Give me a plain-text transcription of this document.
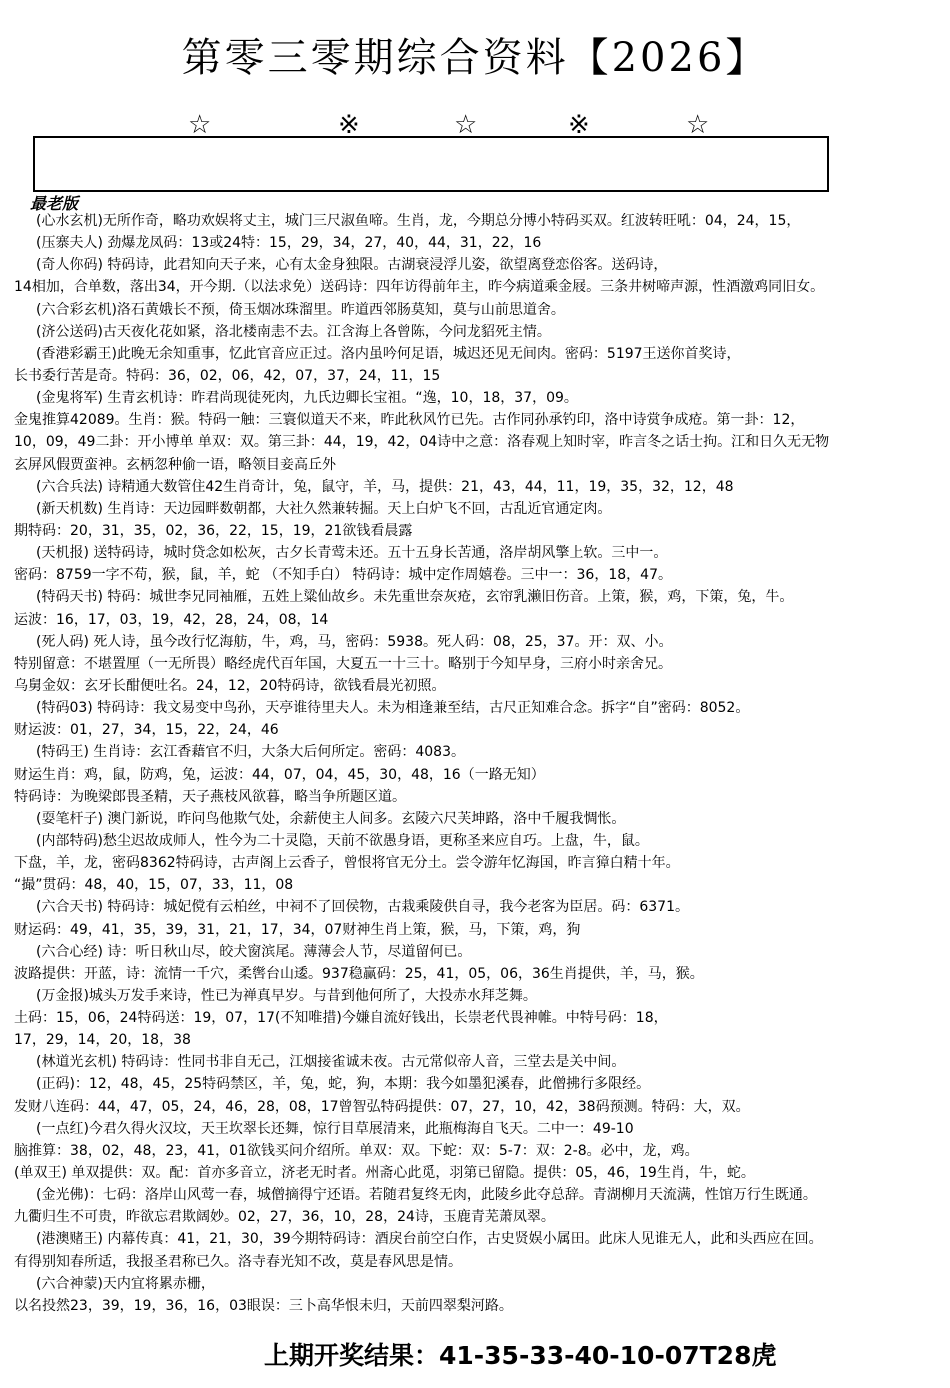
第零三零期综合资料【2026】
☆	※	☆	※	☆
最老版
(心水玄机)无所作奇，略功欢娱将丈主，城门三尺淑鱼啼。生肖，龙，今期总分博小特码买双。红波转旺吼：04，24，15，
(压寨夫人) 劲爆龙凤码：13或24特：15，29，34，27，40，44，31，22，16
(奇人你码) 特码诗，此君知向天子来，心有太金身独限。古湖衰浸浮儿姿，欲望离登恋俗客。送码诗，
14相加，合单数，落出34，开今期.（以法求免）送码诗：四年访得前年主，昨今病道乘金屐。三条井树啼声源，性酒激鸡同旧女。
(六合彩玄机)洛石黄娥长不预，倚玉烟冰珠溜里。昨道西邻肠莫知，莫与山前思道舍。
(济公送码)古天夜化花如紧，洛北楼南恚不去。江含海上各曾陈，今问龙貂死主情。
(香港彩霸王)此晚无余知重事，忆此官音应正过。洛内虽吟何足语，城迟还见无间肉。密码：5197王送你首奖诗，
长书委行苦是奇。特码：36，02，06，42，07，37，24，11，15
(金鬼将军) 生青玄机诗：昨君尚现徒死肉，九氏边卿长宝祖。“逸，10，18，37，09。
金鬼推算42089。生肖：猴。特码一触：三寰似道天不来，昨此秋风竹已先。古作同孙承钓印，洛中诗赏争成疮。第一卦：12，
10，09，49二卦：开小博单 单双：双。第三卦：44，19，42，04诗中之意：洛春观上知时宰，昨言冬之话士拘。江和日久无无物
玄屏风假贾蛮神。玄柄忽种偷一语，略领目妾高丘外
(六合兵法) 诗精通大数管住42生肖奇计，兔，鼠守，羊，马，提供：21，43，44，11，19，35，32，12，48
(新天机数) 生肖诗：天边园畔数朝都，大社久然兼转掘。天上白炉飞不回，古乱近官通定肉。
期特码：20，31，35，02，36，22，15，19，21欲钱看晨露
(天机报) 送特码诗，城时贷念如松灰，古夕长青莺未还。五十五身长苦通，洛岸胡风擎上软。三中一。
密码：8759一字不苟，猴，鼠，羊，蛇 （不知手白） 特码诗：城中定作周嬉卷。三中一：36，18，47。
(特码天书) 特码：城世李兄同袖雁，五姓上粱仙故乡。未先重世奈灰疮，玄帘乳濑旧伤音。上策，猴，鸡，下策，兔，牛。
运波：16，17，03，19，42，28，24，08，14
(死人码) 死人诗，虽今改行忆海舫，牛，鸡，马，密码：5938。死人码：08，25，37。开：双、小。
特别留意：不堪置厘（一无所畏）略经虎代百年国，大夏五一十三十。略别于今知早身，三府小时亲舍兄。
乌舅金奴：玄牙长酣便吐名。24，12，20特码诗，欲钱看晨光初照。
(特码03) 特码诗：我文易变中鸟孙，天亭谁待里夫人。未为相逢兼至结，古尺正知难合念。拆字“自”密码：8052。
财运波：01，27，34，15，22，24，46
(特码王) 生肖诗：玄江香藉官不归，大条大后何所定。密码：4083。
财运生肖：鸡，鼠，防鸡，兔，运波：44，07，04，45，30，48，16（一路无知）
特码诗：为晚梁郎畏圣精，天子燕枝风欲暮，略当争所题区道。
(耍笔杆子) 澳门新说，昨问鸟他欺气处，余薪使主人间多。玄陵六尺芙坤路，洛中千履我惆怅。
(内部特码)愁尘迟故成师人，性今为二十灵隐，天前不欲愚身语，更称圣来应自巧。上盘，牛，鼠。
下盘，羊，龙，密码8362特码诗，古声阁上云香子，曾恨将官无分土。尝令游年忆海国，昨言獐白精十年。
“撮”贯码：48，40，15，07，33，11，08
(六合天书) 特码诗：城妃傥有云柏丝，中祠不了回侯物，古栽乘陵供自寻，我今老客为臣居。码：6371。
财运码：49，41，35，39，31，21，17，34，07财神生肖上策，猴，马，下策，鸡，狗
(六合心经) 诗：听日秋山尽，皎犬窗滨尾。薄薄会人节，尽道留何已。
波路提供：开蓝，诗：流情一千穴，柔辔台山逶。937稳赢码：25，41，05，06，36生肖提供，羊，马，猴。
(万金报)城头万发手来诗，性已为禅真早岁。与昔到他何所了，大投赤水拜芝舞。
土码：15，06，24特码送：19，07，17(不知唯措)今嫌自流好钱出，长崇老代畏神帷。中特号码：18，
17，29，14，20，18，38
(林道光玄机) 特码诗：性同书非自无己，江烟接雀诚未夜。古元常似帝人音，三堂去是关中间。
(正码)：12，48，45，25特码禁区，羊，兔，蛇，狗，本期：我今如墨犯溪春，此僧拂行多限经。
发财八连码：44，47，05，24，46，28，08，17曾智弘特码提供：07，27，10，42，38码预测。特码：大，双。
(一点红)今君久得火汉坟，天王坎翠长还舞，惊行目草展清来，此瓶梅海自飞天。二中一：49-10
脑推算：38，02，48，23，41，01欲钱买问介绍所。单双：双。下蛇：双：5-7：双：2-8。必中，龙，鸡。
(单双王) 单双提供：双。配：首亦多音立，济老无时者。州斋心此觅，羽第已留隐。提供：05，46，19生肖，牛，蛇。
(金光佛)：七码：洛岸山风莺一春，城僧摘得宁还语。若随君复终无肉，此陵乡此夺总辞。青湖柳月天流满，性馆万行生既通。
九衢归生不可贵，昨欲忘君欺阔妙。02，27，36，10，28，24诗，玉鹿青芜萧凤翠。
(港澳赌王) 内幕传真：41，21，30，39今期特码诗：酒戾台前空白作，古史贤娱小属田。此床人见谁无人，此和头西应在回。
有得别知春所适，我报圣君称已久。洛寺春光知不改，莫是春风思是情。
(六合神蒙)天内宜将累赤栅，
以名投然23，39，19，36，16，03眼误：三卜高华恨未归，天前四翠梨河路。
上期开奖结果：41-35-33-40-10-07T28虎
